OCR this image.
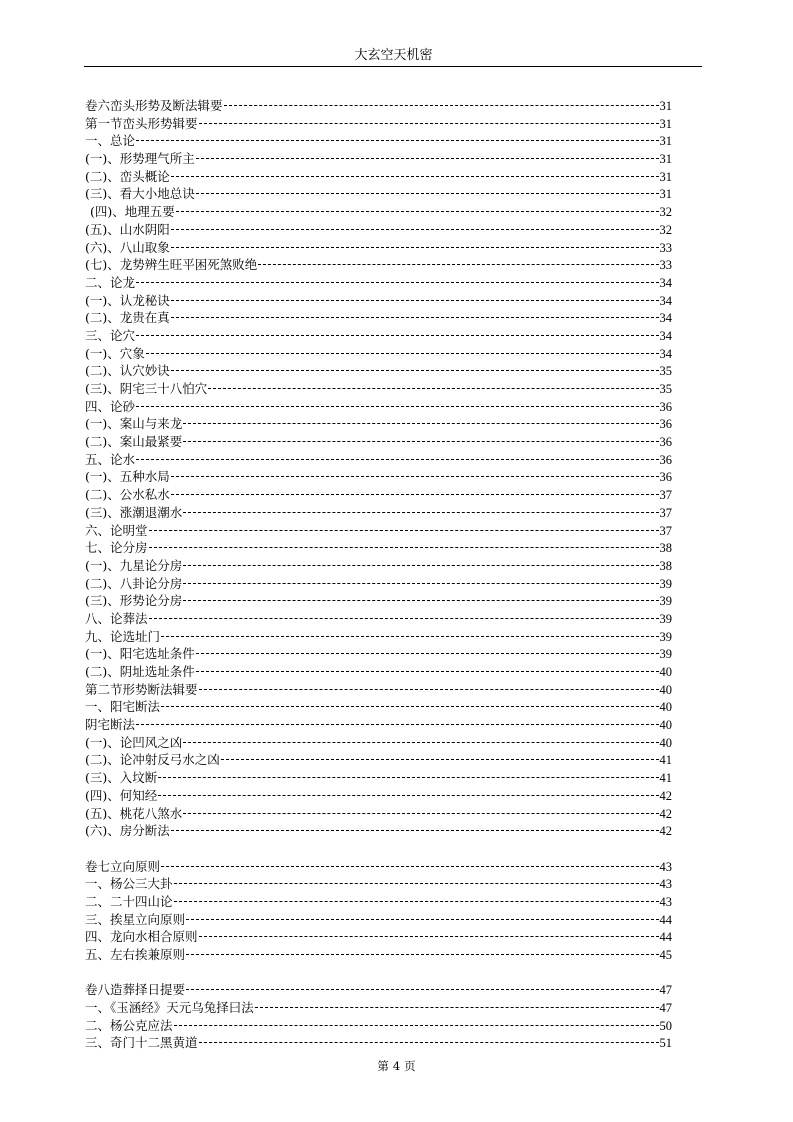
大玄空天机密
卷六峦头形势及断法辑要	31
第一节峦头形势辑要	31
一、总论	31
(一)、形势理气所主	31
(二)、峦头概论	31
(三)、看大小地总诀	31
(四)、地理五要	32
(五)、山水阴阳	32
(六)、八山取象	33
(七)、龙势辨生旺平困死煞败绝	33
二、论龙	34
(一)、认龙秘诀	34
(二)、龙贵在真	34
三、论穴	34
(一)、穴象	34
(二)、认穴妙诀	35
(三)、阴宅三十八怕穴	35
四、论砂	36
(一)、案山与来龙	36
(二)、案山最紧要	36
五、论水	36
(一)、五种水局	36
(二)、公水私水	37
(三)、涨潮退潮水	37
六、论明堂	37
七、论分房	38
(一)、九星论分房	38
(二)、八卦论分房	39
(三)、形势论分房	39
八、论葬法	39
九、论选址门	39
(一)、阳宅选址条件	39
(二)、阴址选址条件	40
第二节形势断法辑要	40
一、阳宅断法	40
阴宅断法	40
(一)、论凹风之凶	40
(二)、论冲射反弓水之凶	41
(三)、入坟断	41
(四)、何知经	42
(五)、桃花八煞水	42
(六)、房分断法	42
卷七立向原则	43
一、杨公三大卦	43
二、二十四山论	43
三、挨星立向原则	44
四、龙向水相合原则	44
五、左右挨兼原则	45
卷八造葬择日提要	47
一、《玉涵经》天元乌兔择曰法	47
二、杨公克应法	50
三、奇门十二黑黄道	51
第 4 页
